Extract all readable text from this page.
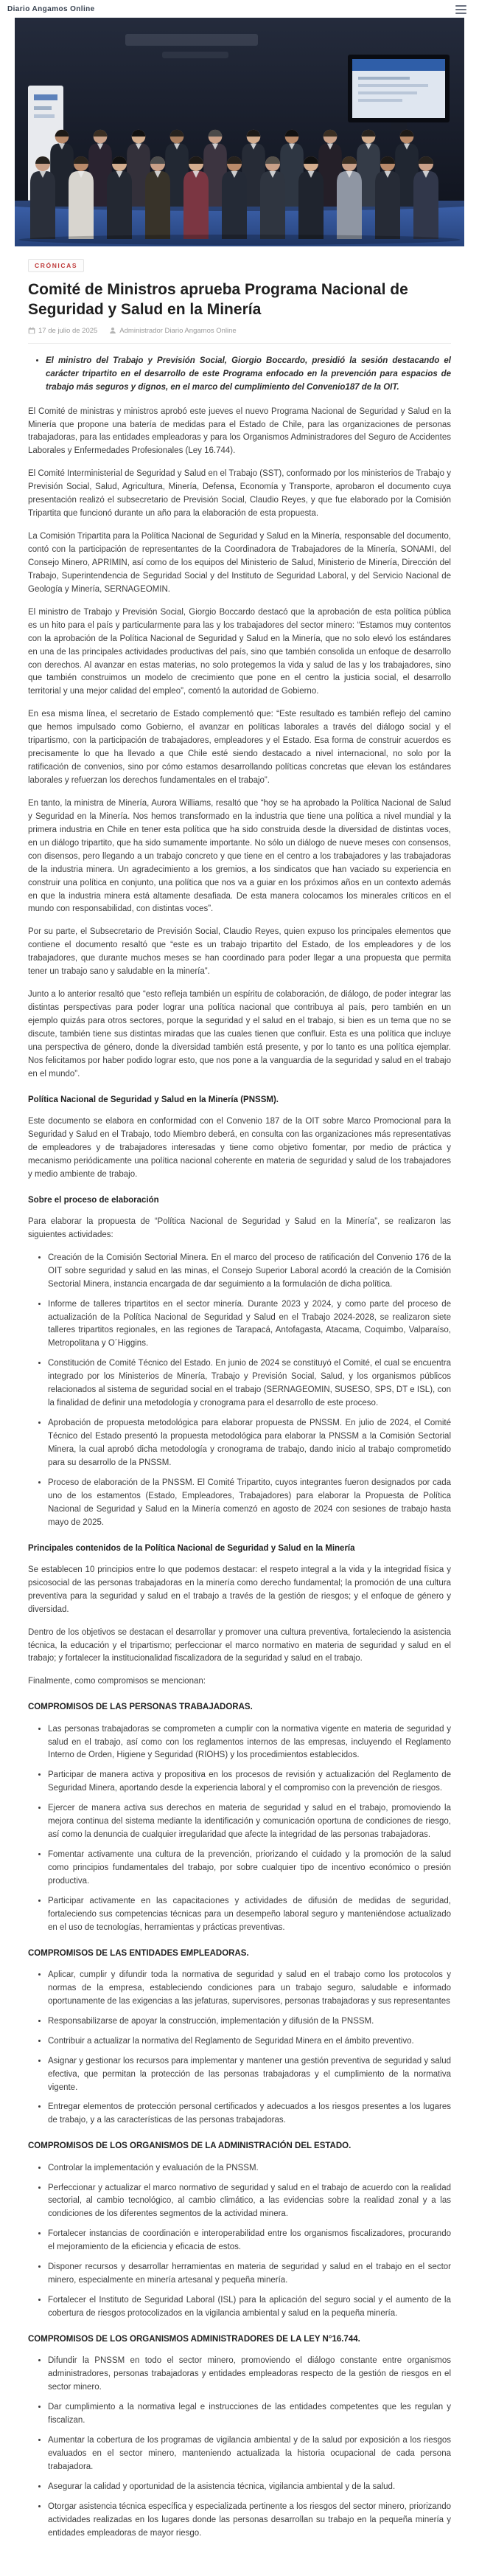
Diario Angamos Online
CRÓNICAS
Comité de Ministros aprueba Programa Nacional de Seguridad y Salud en la Minería
17 de julio de 2025	Administrador Diario Angamos Online
• El ministro del Trabajo y Previsión Social, Giorgio Boccardo, presidió la sesión destacando el carácter tripartito en el desarrollo de este Programa enfocado en la prevención para espacios de trabajo más seguros y dignos, en el marco del cumplimiento del Convenio187 de la OIT.

El Comité de ministras y ministros aprobó este jueves el nuevo Programa Nacional de Seguridad y Salud en la Minería que propone una batería de medidas para el Estado de Chile, para las organizaciones de personas trabajadoras, para las entidades empleadoras y para los Organismos Administradores del Seguro de Accidentes Laborales y Enfermedades Profesionales (Ley 16.744).

El Comité Interministerial de Seguridad y Salud en el Trabajo (SST), conformado por los ministerios de Trabajo y Previsión Social, Salud, Agricultura, Minería, Defensa, Economía y Transporte, aprobaron el documento cuya presentación realizó el subsecretario de Previsión Social, Claudio Reyes, y que fue elaborado por la Comisión Tripartita que funcionó durante un año para la elaboración de esta propuesta.

La Comisión Tripartita para la Política Nacional de Seguridad y Salud en la Minería, responsable del documento, contó con la participación de representantes de la Coordinadora de Trabajadores de la Minería, SONAMI, del Consejo Minero, APRIMIN, así como de los equipos del Ministerio de Salud, Ministerio de Minería, Dirección del Trabajo, Superintendencia de Seguridad Social y del Instituto de Seguridad Laboral, y del Servicio Nacional de Geología y Minería, SERNAGEOMIN.

El ministro de Trabajo y Previsión Social, Giorgio Boccardo destacó que la aprobación de esta política pública es un hito para el país y particularmente para las y los trabajadores del sector minero: “Estamos muy contentos con la aprobación de la Política Nacional de Seguridad y Salud en la Minería, que no solo elevó los estándares en una de las principales actividades productivas del país, sino que también consolida un enfoque de desarrollo con derechos. Al avanzar en estas materias, no solo protegemos la vida y salud de las y los trabajadores, sino que también construimos un modelo de crecimiento que pone en el centro la justicia social, el desarrollo territorial y una mejor calidad del empleo”, comentó la autoridad de Gobierno.

En esa misma línea, el secretario de Estado complementó que: “Este resultado es también reflejo del camino que hemos impulsado como Gobierno, el avanzar en políticas laborales a través del diálogo social y el tripartismo, con la participación de trabajadores, empleadores y el Estado. Esa forma de construir acuerdos es precisamente lo que ha llevado a que Chile esté siendo destacado a nivel internacional, no solo por la ratificación de convenios, sino por cómo estamos desarrollando políticas concretas que elevan los estándares laborales y refuerzan los derechos fundamentales en el trabajo”.

En tanto, la ministra de Minería, Aurora Williams, resaltó que “hoy se ha aprobado la Política Nacional de Salud y Seguridad en la Minería. Nos hemos transformado en la industria que tiene una política a nivel mundial y la primera industria en Chile en tener esta política que ha sido construida desde la diversidad de distintas voces, en un diálogo tripartito, que ha sido sumamente importante. No sólo un diálogo de nueve meses con consensos, con disensos, pero llegando a un trabajo concreto y que tiene en el centro a los trabajadores y las trabajadoras de la industria minera. Un agradecimiento a los gremios, a los sindicatos que han vaciado su experiencia en construir una política en conjunto, una política que nos va a guiar en los próximos años en un contexto además en que la industria minera está altamente desafiada. De esta manera colocamos los minerales críticos en el mundo con responsabilidad, con distintas voces”.

Por su parte, el Subsecretario de Previsión Social, Claudio Reyes, quien expuso los principales elementos que contiene el documento resaltó que “este es un trabajo tripartito del Estado, de los empleadores y de los trabajadores, que durante muchos meses se han coordinado para poder llegar a una propuesta que permita tener un trabajo sano y saludable en la minería”.

Junto a lo anterior resaltó que “esto refleja también un espíritu de colaboración, de diálogo, de poder integrar las distintas perspectivas para poder lograr una política nacional que contribuya al país, pero también en un ejemplo quizás para otros sectores, porque la seguridad y el salud en el trabajo, si bien es un tema que no se discute, también tiene sus distintas miradas que las cuales tienen que confluir. Esta es una política que incluye una perspectiva de género, donde la diversidad también está presente, y por lo tanto es una política ejemplar. Nos felicitamos por haber podido lograr esto, que nos pone a la vanguardia de la seguridad y salud en el trabajo en el mundo”.

Política Nacional de Seguridad y Salud en la Minería (PNSSM).

Este documento se elabora en conformidad con el Convenio 187 de la OIT sobre Marco Promocional para la Seguridad y Salud en el Trabajo, todo Miembro deberá, en consulta con las organizaciones más representativas de empleadores y de trabajadores interesadas y tiene como objetivo fomentar, por medio de práctica y mecanismo periódicamente una política nacional coherente en materia de seguridad y salud de los trabajadores y medio ambiente de trabajo.

Sobre el proceso de elaboración

Para elaborar la propuesta de “Política Nacional de Seguridad y Salud en la Minería”, se realizaron las siguientes actividades:

• Creación de la Comisión Sectorial Minera. En el marco del proceso de ratificación del Convenio 176 de la OIT sobre seguridad y salud en las minas, el Consejo Superior Laboral acordó la creación de la Comisión Sectorial Minera, instancia encargada de dar seguimiento a la formulación de dicha política.
• Informe de talleres tripartitos en el sector minería. Durante 2023 y 2024, y como parte del proceso de actualización de la Política Nacional de Seguridad y Salud en el Trabajo 2024-2028, se realizaron siete talleres tripartitos regionales, en las regiones de Tarapacá, Antofagasta, Atacama, Coquimbo, Valparaíso, Metropolitana y O´Higgins.
• Constitución de Comité Técnico del Estado. En junio de 2024 se constituyó el Comité, el cual se encuentra integrado por los Ministerios de Minería, Trabajo y Previsión Social, Salud, y los organismos públicos relacionados al sistema de seguridad social en el trabajo (SERNAGEOMIN, SUSESO, SPS, DT e ISL), con la finalidad de definir una metodología y cronograma para el desarrollo de este proceso.
• Aprobación de propuesta metodológica para elaborar propuesta de PNSSM. En julio de 2024, el Comité Técnico del Estado presentó la propuesta metodológica para elaborar la PNSSM a la Comisión Sectorial Minera, la cual aprobó dicha metodología y cronograma de trabajo, dando inicio al trabajo comprometido para su desarrollo de la PNSSM.
• Proceso de elaboración de la PNSSM. El Comité Tripartito, cuyos integrantes fueron designados por cada uno de los estamentos (Estado, Empleadores, Trabajadores) para elaborar la Propuesta de Política Nacional de Seguridad y Salud en la Minería comenzó en agosto de 2024 con sesiones de trabajo hasta mayo de 2025.
Principales contenidos de la Política Nacional de Seguridad y Salud en la Minería

Se establecen 10 principios entre lo que podemos destacar: el respeto integral a la vida y la integridad física y psicosocial de las personas trabajadoras en la minería como derecho fundamental; la promoción de una cultura preventiva para la seguridad y salud en el trabajo a través de la gestión de riesgos; y el enfoque de género y diversidad.

Dentro de los objetivos se destacan el desarrollar y promover una cultura preventiva, fortaleciendo la asistencia técnica, la educación y el tripartismo; perfeccionar el marco normativo en materia de seguridad y salud en el trabajo; y fortalecer la institucionalidad fiscalizadora de la seguridad y salud en el trabajo.

Finalmente, como compromisos se mencionan:

COMPROMISOS DE LAS PERSONAS TRABAJADORAS.
• Las personas trabajadoras se comprometen a cumplir con la normativa vigente en materia de seguridad y salud en el trabajo, así como con los reglamentos internos de las empresas, incluyendo el Reglamento Interno de Orden, Higiene y Seguridad (RIOHS) y los procedimientos establecidos.
• Participar de manera activa y propositiva en los procesos de revisión y actualización del Reglamento de Seguridad Minera, aportando desde la experiencia laboral y el compromiso con la prevención de riesgos.
• Ejercer de manera activa sus derechos en materia de seguridad y salud en el trabajo, promoviendo la mejora continua del sistema mediante la identificación y comunicación oportuna de condiciones de riesgo, así como la denuncia de cualquier irregularidad que afecte la integridad de las personas trabajadoras.
• Fomentar activamente una cultura de la prevención, priorizando el cuidado y la promoción de la salud como principios fundamentales del trabajo, por sobre cualquier tipo de incentivo económico o presión productiva.
• Participar activamente en las capacitaciones y actividades de difusión de medidas de seguridad, fortaleciendo sus competencias técnicas para un desempeño laboral seguro y manteniéndose actualizado en el uso de tecnologías, herramientas y prácticas preventivas.
COMPROMISOS DE LAS ENTIDADES EMPLEADORAS.
• Aplicar, cumplir y difundir toda la normativa de seguridad y salud en el trabajo como los protocolos y normas de la empresa, estableciendo condiciones para un trabajo seguro, saludable e informado oportunamente de las exigencias a las jefaturas, supervisores, personas trabajadoras y sus representantes
• Responsabilizarse de apoyar la construcción, implementación y difusión de la PNSSM.
• Contribuir a actualizar la normativa del Reglamento de Seguridad Minera en el ámbito preventivo.
• Asignar y gestionar los recursos para implementar y mantener una gestión preventiva de seguridad y salud efectiva, que permitan la protección de las personas trabajadoras y el cumplimiento de la normativa vigente.
• Entregar elementos de protección personal certificados y adecuados a los riesgos presentes a los lugares de trabajo, y a las características de las personas trabajadoras.
COMPROMISOS DE LOS ORGANISMOS DE LA ADMINISTRACIÓN DEL ESTADO.
• Controlar la implementación y evaluación de la PNSSM.
• Perfeccionar y actualizar el marco normativo de seguridad y salud en el trabajo de acuerdo con la realidad sectorial, al cambio tecnológico, al cambio climático, a las evidencias sobre la realidad zonal y a las condiciones de los diferentes segmentos de la actividad minera.
• Fortalecer instancias de coordinación e interoperabilidad entre los organismos fiscalizadores, procurando el mejoramiento de la eficiencia y eficacia de estos.
• Disponer recursos y desarrollar herramientas en materia de seguridad y salud en el trabajo en el sector minero, especialmente en minería artesanal y pequeña minería.
• Fortalecer el Instituto de Seguridad Laboral (ISL) para la aplicación del seguro social y el aumento de la cobertura de riesgos protocolizados en la vigilancia ambiental y salud en la pequeña minería.
COMPROMISOS DE LOS ORGANISMOS ADMINISTRADORES DE LA LEY N°16.744.
• Difundir la PNSSM en todo el sector minero, promoviendo el diálogo constante entre organismos administradores, personas trabajadoras y entidades empleadoras respecto de la gestión de riesgos en el sector minero.
• Dar cumplimiento a la normativa legal e instrucciones de las entidades competentes que les regulan y fiscalizan.
• Aumentar la cobertura de los programas de vigilancia ambiental y de la salud por exposición a los riesgos evaluados en el sector minero, manteniendo actualizada la historia ocupacional de cada persona trabajadora.
• Asegurar la calidad y oportunidad de la asistencia técnica, vigilancia ambiental y de la salud.
• Otorgar asistencia técnica específica y especializada pertinente a los riesgos del sector minero, priorizando actividades realizadas en los lugares donde las personas desarrollan su trabajo en la pequeña minería y entidades empleadoras de mayor riesgo.
